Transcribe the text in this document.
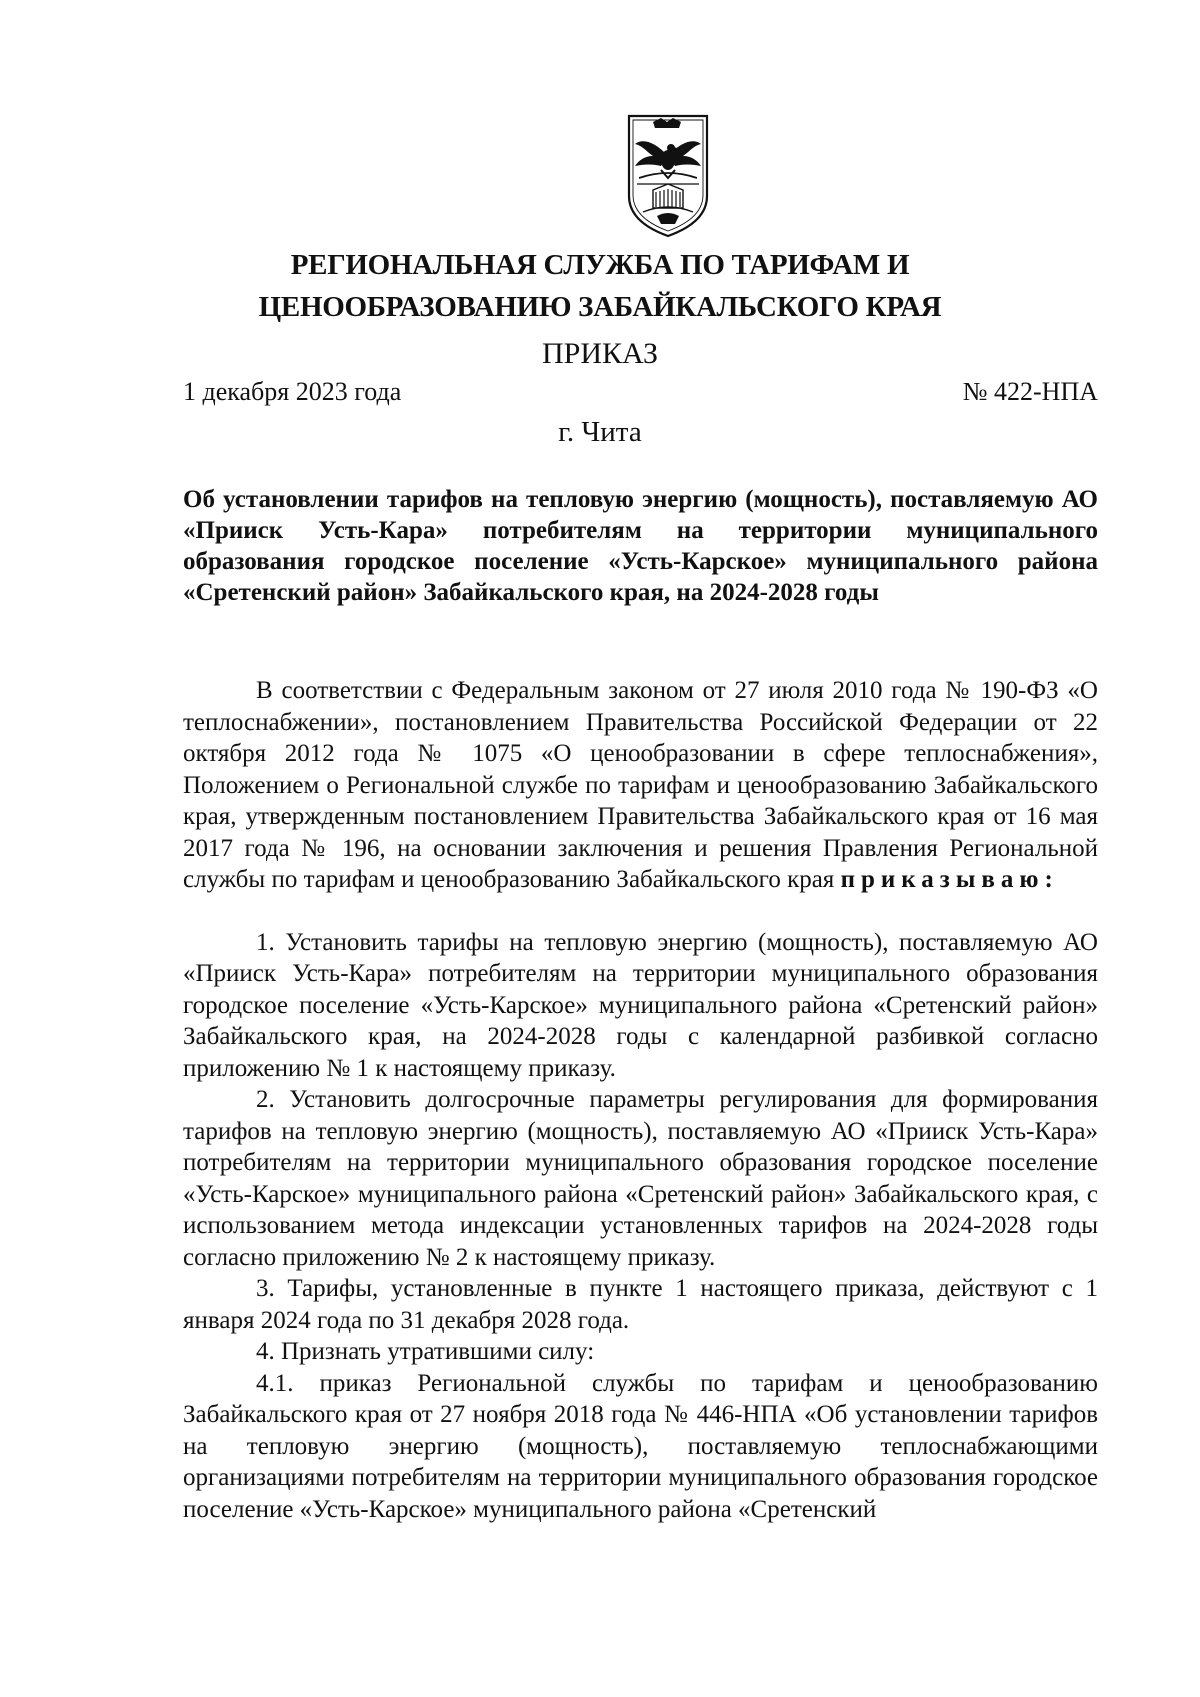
РЕГИОНАЛЬНАЯ СЛУЖБА ПО ТАРИФАМ И
ЦЕНООБРАЗОВАНИЮ ЗАБАЙКАЛЬСКОГО КРАЯ
ПРИКАЗ
1 декабря 2023 года	№ 422-НПА
г. Чита
Об установлении тарифов на тепловую энергию (мощность), поставляемую АО «Прииск Усть-Кара» потребителям на территории муниципального образования городское поселение «Усть-Карское» муниципального района «Сретенский район» Забайкальского края, на 2024-2028 годы

В соответствии с Федеральным законом от 27 июля 2010 года № 190-ФЗ «О теплоснабжении», постановлением Правительства Российской Федерации от 22 октября 2012 года № 1075 «О ценообразовании в сфере теплоснабжения», Положением о Региональной службе по тарифам и ценообразованию Забайкальского края, утвержденным постановлением Правительства Забайкальского края от 16 мая 2017 года № 196, на основании заключения и решения Правления Региональной службы по тарифам и ценообразованию Забайкальского края приказываю:

1. Установить тарифы на тепловую энергию (мощность), поставляемую АО «Прииск Усть-Кара» потребителям на территории муниципального образования городское поселение «Усть-Карское» муниципального района «Сретенский район» Забайкальского края, на 2024-2028 годы с календарной разбивкой согласно приложению № 1 к настоящему приказу.

2. Установить долгосрочные параметры регулирования для формирования тарифов на тепловую энергию (мощность), поставляемую АО «Прииск Усть-Кара» потребителям на территории муниципального образования городское поселение «Усть-Карское» муниципального района «Сретенский район» Забайкальского края, с использованием метода индексации установленных тарифов на 2024-2028 годы согласно приложению № 2 к настоящему приказу.

3. Тарифы, установленные в пункте 1 настоящего приказа, действуют с 1 января 2024 года по 31 декабря 2028 года.

4. Признать утратившими силу:

4.1. приказ Региональной службы по тарифам и ценообразованию Забайкальского края от 27 ноября 2018 года № 446-НПА «Об установлении тарифов на тепловую энергию (мощность), поставляемую теплоснабжающими организациями потребителям на территории муниципального образования городское поселение «Усть-Карское» муниципального района «Сретенский
